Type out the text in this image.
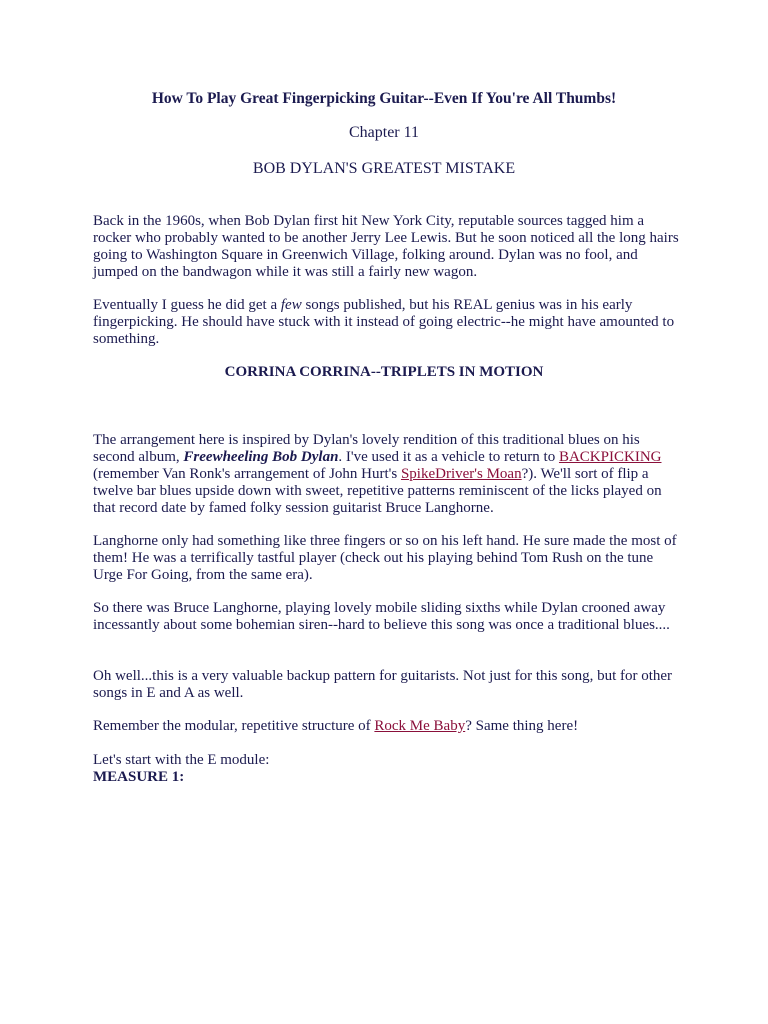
How To Play Great Fingerpicking Guitar--Even If You're All Thumbs!

Chapter 11

BOB DYLAN'S GREATEST MISTAKE

Back in the 1960s, when Bob Dylan first hit New York City, reputable sources tagged him a rocker who probably wanted to be another Jerry Lee Lewis. But he soon noticed all the long hairs going to Washington Square in Greenwich Village, folking around. Dylan was no fool, and jumped on the bandwagon while it was still a fairly new wagon.

Eventually I guess he did get a few songs published, but his REAL genius was in his early fingerpicking. He should have stuck with it instead of going electric--he might have amounted to something.

CORRINA CORRINA--TRIPLETS IN MOTION

The arrangement here is inspired by Dylan's lovely rendition of this traditional blues on his second album, Freewheeling Bob Dylan. I've used it as a vehicle to return to BACKPICKING (remember Van Ronk's arrangement of John Hurt's SpikeDriver's Moan?). We'll sort of flip a twelve bar blues upside down with sweet, repetitive patterns reminiscent of the licks played on that record date by famed folky session guitarist Bruce Langhorne.

Langhorne only had something like three fingers or so on his left hand. He sure made the most of them! He was a terrifically tastful player (check out his playing behind Tom Rush on the tune Urge For Going, from the same era).

So there was Bruce Langhorne, playing lovely mobile sliding sixths while Dylan crooned away incessantly about some bohemian siren--hard to believe this song was once a traditional blues....

Oh well...this is a very valuable backup pattern for guitarists. Not just for this song, but for other songs in E and A as well.

Remember the modular, repetitive structure of Rock Me Baby? Same thing here!

Let's start with the E module:

MEASURE 1:
